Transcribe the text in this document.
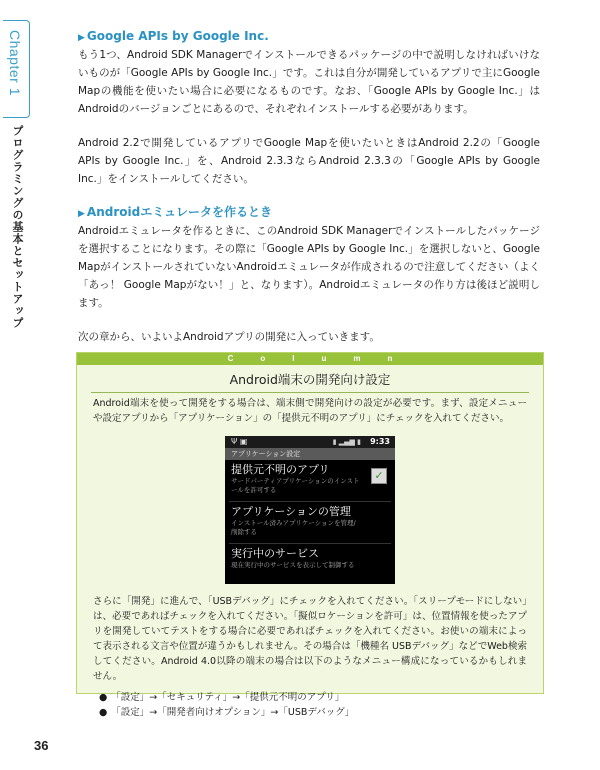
Chapter 1
プログラミングの基本とセットアップ
▶ Google APIs by Google Inc.

もう1つ、Android SDK Managerでインストールできるパッケージの中で説明しなければいけないものが「Google APIs by Google Inc.」です。これは自分が開発しているアプリで主にGoogle Mapの機能を使いたい場合に必要になるものです。なお、「Google APIs by Google Inc.」はAndroidのバージョンごとにあるので、それぞれインストールする必要があります。

Android 2.2で開発しているアプリでGoogle Mapを使いたいときはAndroid 2.2の「Google APIs by Google Inc.」を、Android 2.3.3ならAndroid 2.3.3の「Google APIs by Google Inc.」をインストールしてください。

▶ Androidエミュレータを作るとき

Androidエミュレータを作るときに、このAndroid SDK Managerでインストールしたパッケージを選択することになります。その際に「Google APIs by Google Inc.」を選択しないと、Google MapがインストールされていないAndroidエミュレータが作成されるので注意してください（よく「あっ！ Google Mapがない！」と、なります）。Androidエミュレータの作り方は後ほど説明します。

次の章から、いよいよAndroidアプリの開発に入っていきます。

Column
Android端末の開発向け設定

Android端末を使って開発をする場合は、端末側で開発向けの設定が必要です。まず、設定メニューや設定アプリから「アプリケーション」の「提供元不明のアプリ」にチェックを入れてください。

Ψ ▣	▮ ▂▄▆ ▮ 9:33
アプリケーション設定
提供元不明のアプリ
サードパーティアプリケーションのインストールを許可する
✓
アプリケーションの管理
インストール済みアプリケーションを管理/削除する
実行中のサービス
現在実行中のサービスを表示して制御する

さらに「開発」に進んで、「USBデバッグ」にチェックを入れてください。「スリープモードにしない」は、必要であればチェックを入れてください。「擬似ロケーションを許可」は、位置情報を使ったアプリを開発していてテストをする場合に必要であればチェックを入れてください。お使いの端末によって表示される文言や位置が違うかもしれません。その場合は「機種名 USBデバッグ」などでWeb検索してください。Android 4.0以降の端末の場合は以下のようなメニュー構成になっているかもしれません。

● 「設定」→「セキュリティ」→「提供元不明のアプリ」
● 「設定」→「開発者向けオプション」→「USBデバッグ」
36
